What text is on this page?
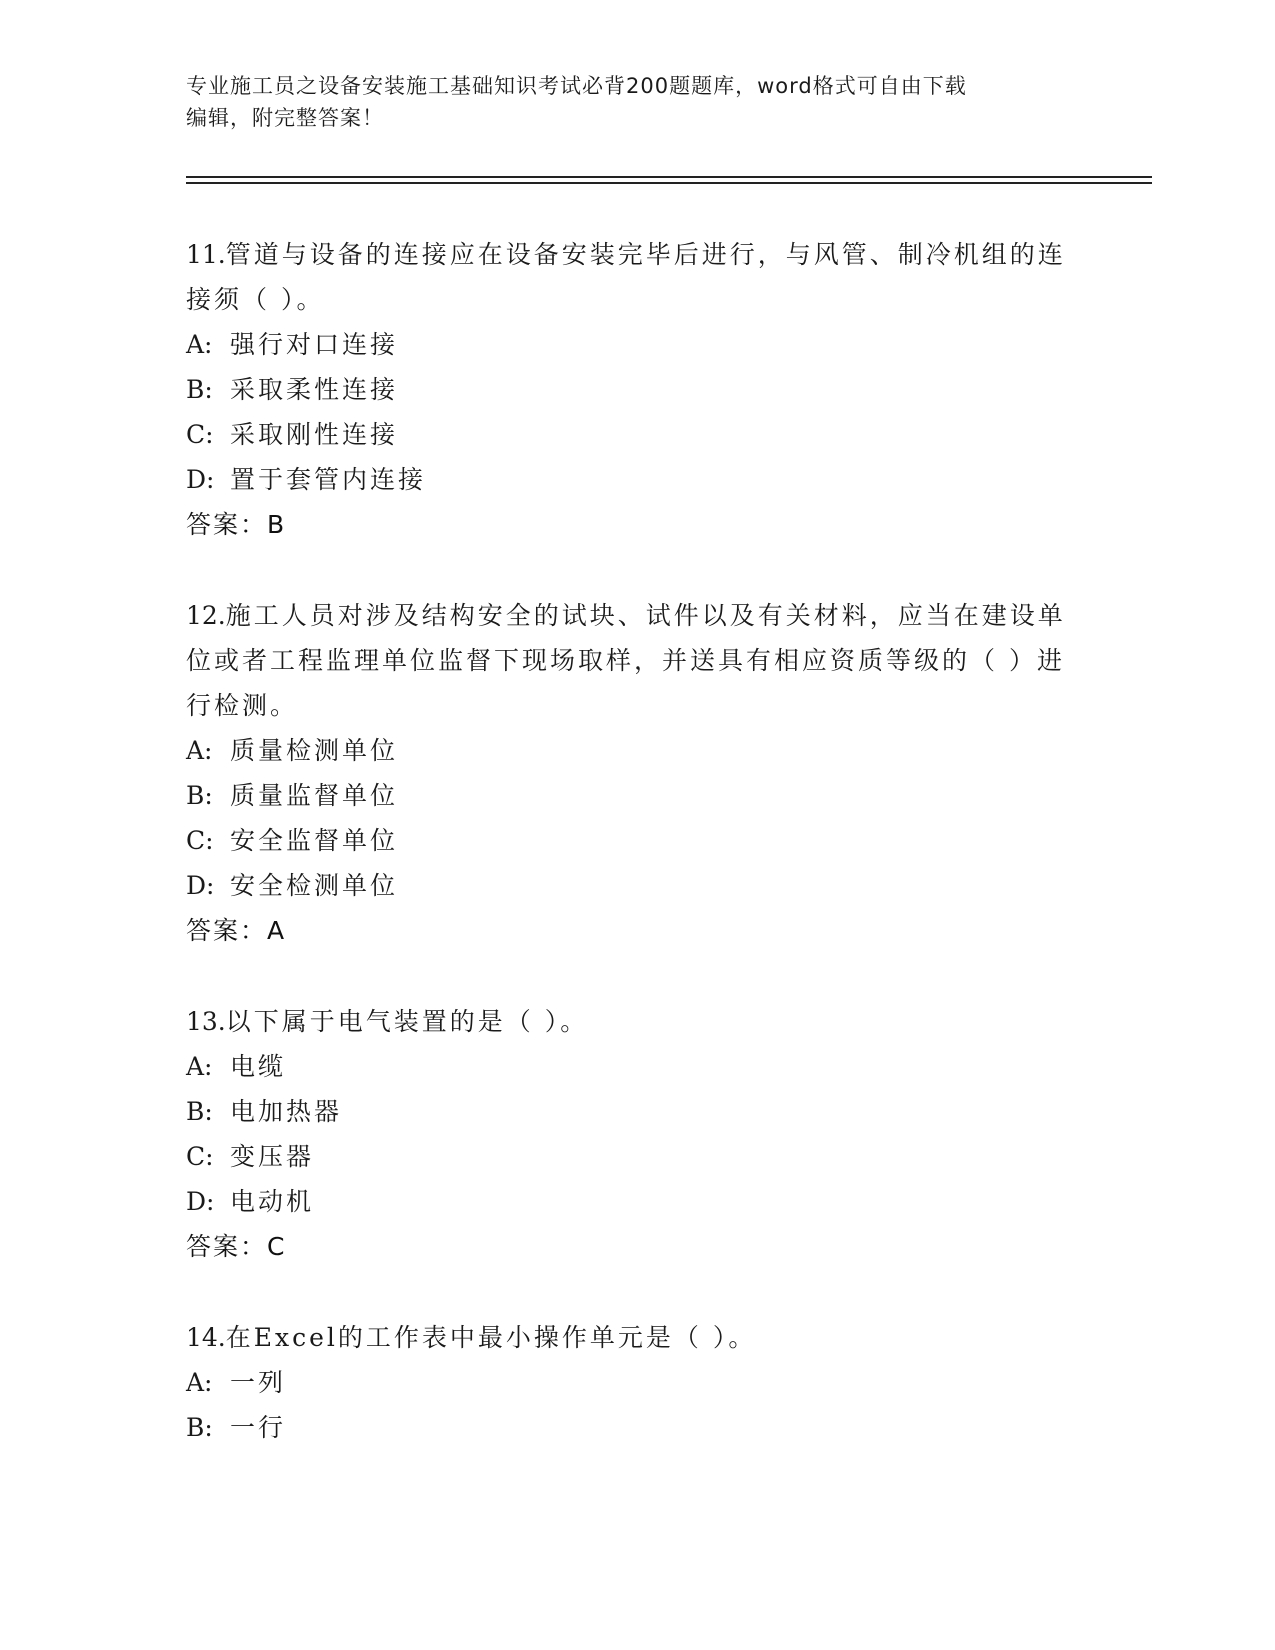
专业施工员之设备安装施工基础知识考试必背200题题库，word格式可自由下载
编辑，附完整答案！
11.管道与设备的连接应在设备安装完毕后进行，与风管、制冷机组的连接须（ ）。
A: 强行对口连接
B: 采取柔性连接
C: 采取刚性连接
D: 置于套管内连接
答案：B
12.施工人员对涉及结构安全的试块、试件以及有关材料，应当在建设单位或者工程监理单位监督下现场取样，并送具有相应资质等级的（ ）进行检测。
A: 质量检测单位
B: 质量监督单位
C: 安全监督单位
D: 安全检测单位
答案：A
13.以下属于电气装置的是（ ）。
A: 电缆
B: 电加热器
C: 变压器
D: 电动机
答案：C
14.在Excel的工作表中最小操作单元是（ ）。
A: 一列
B: 一行
